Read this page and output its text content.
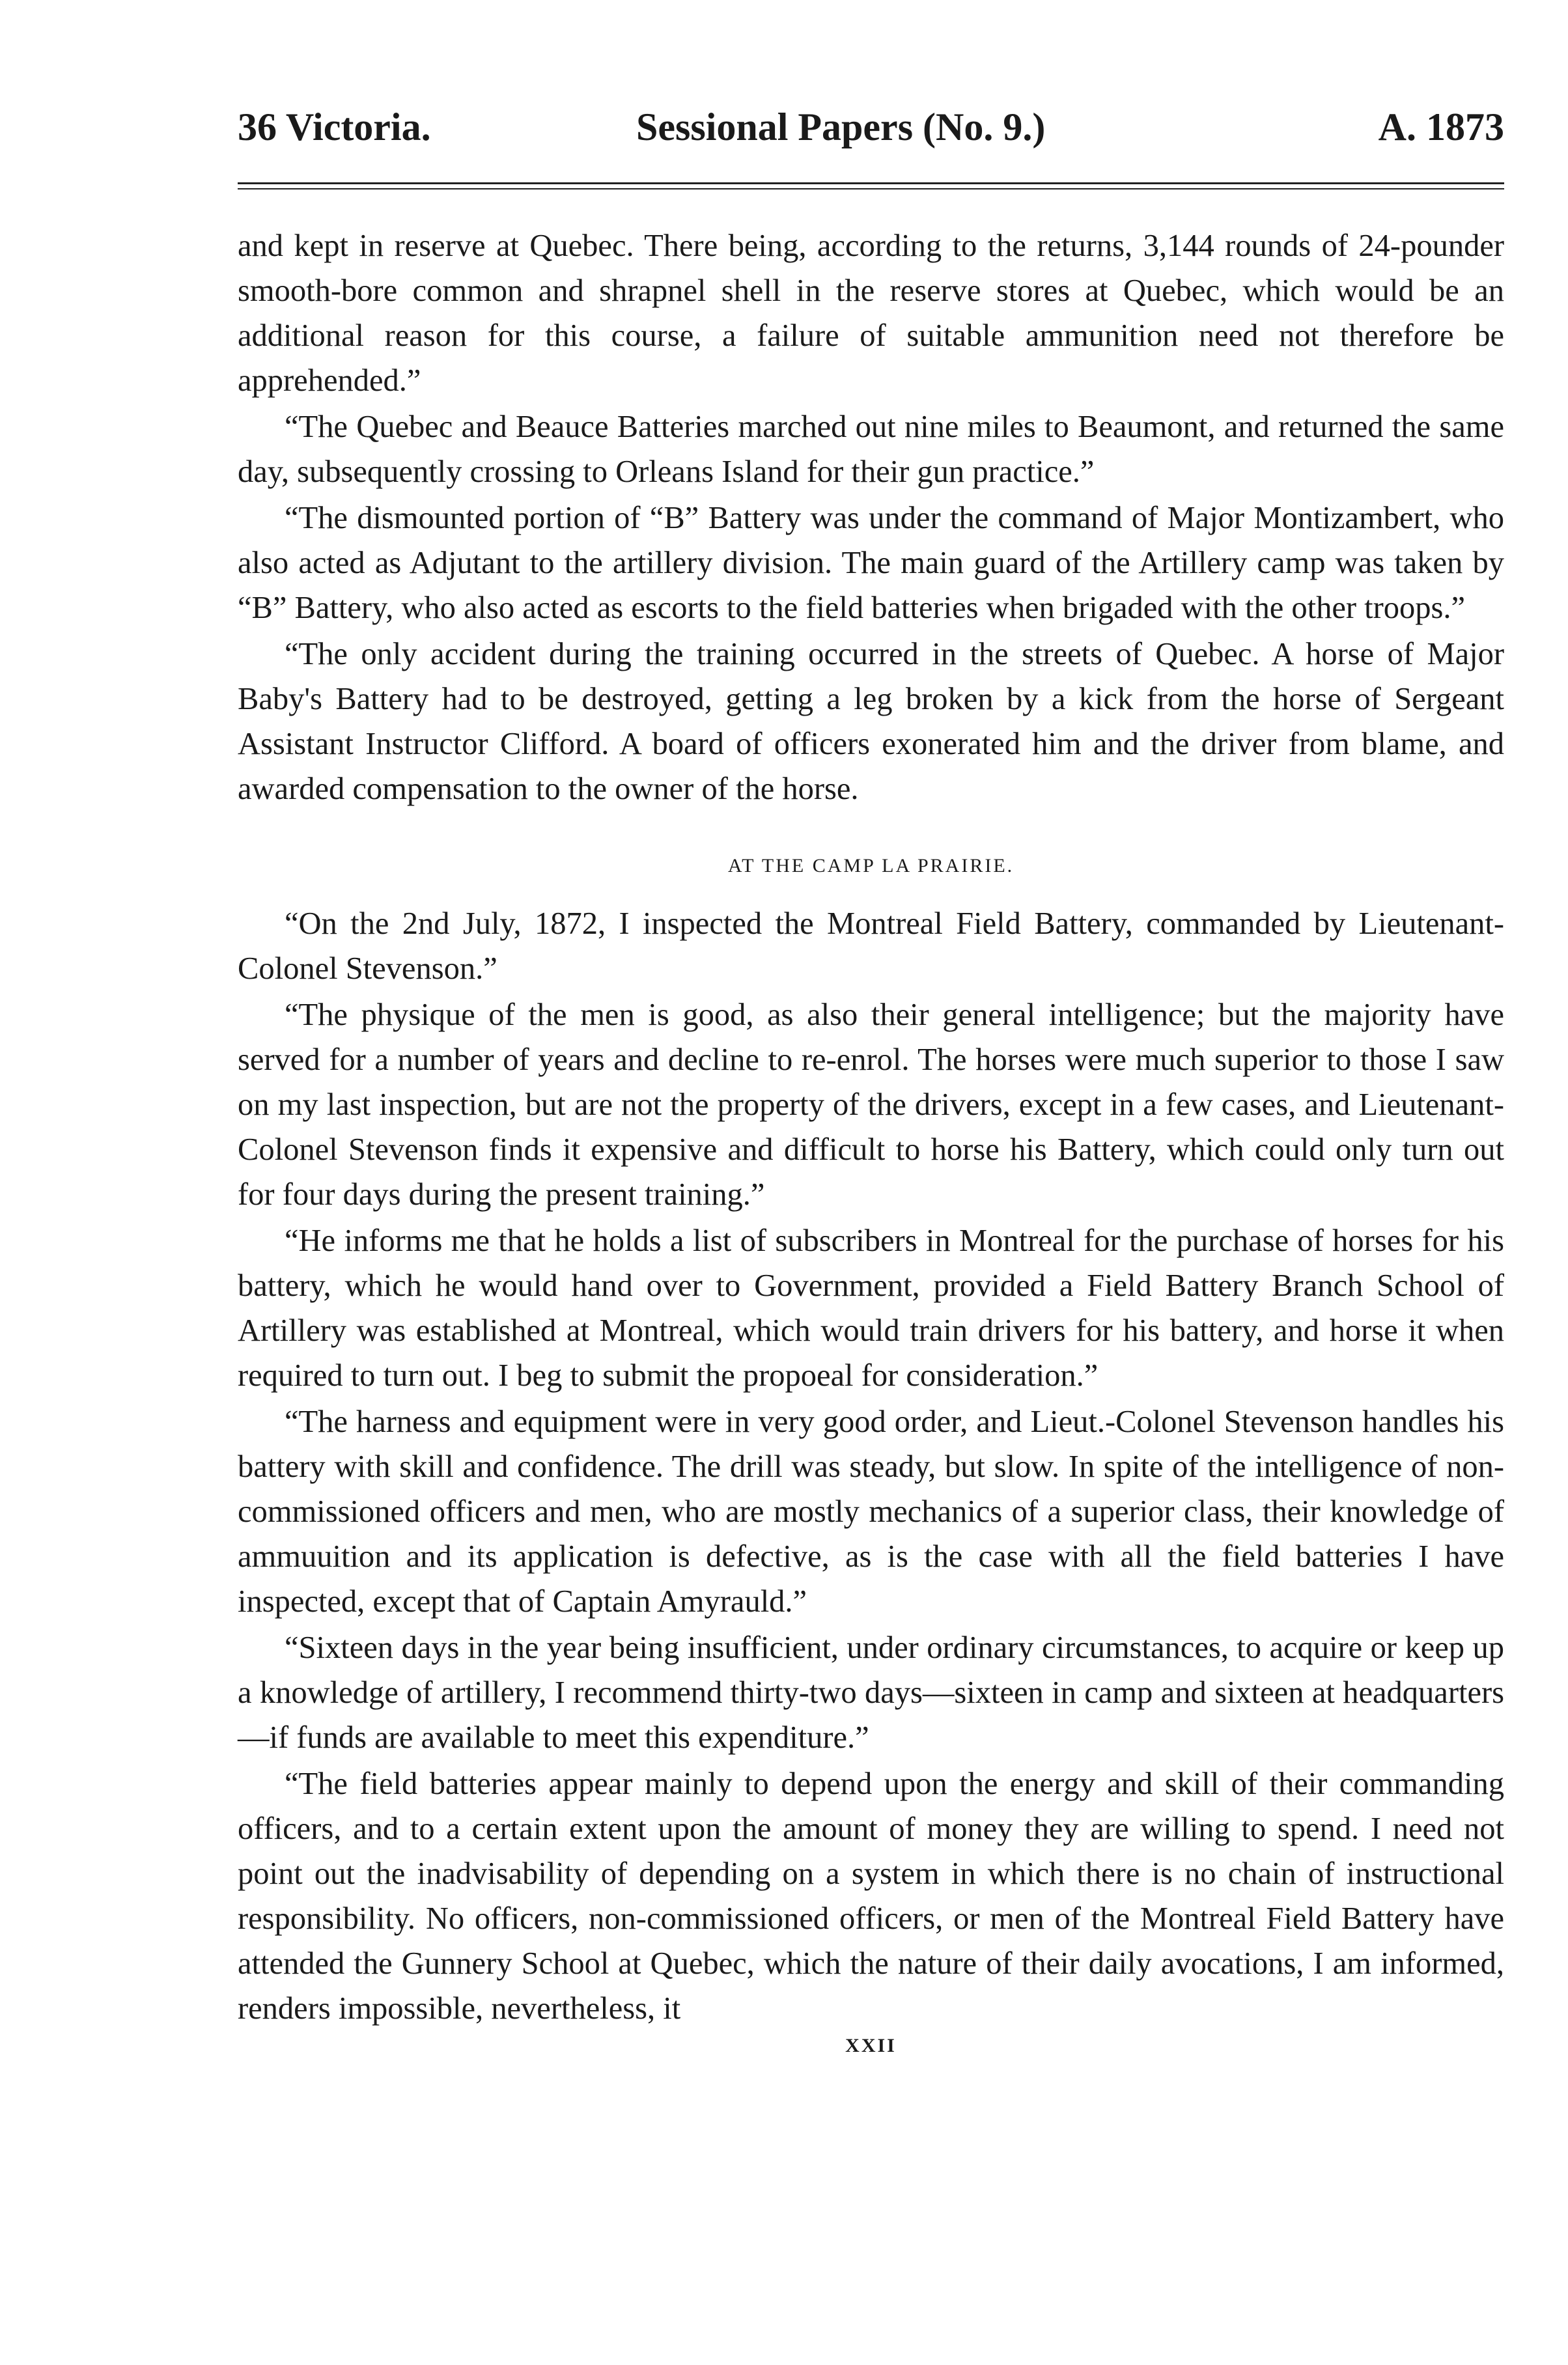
36 Victoria.	Sessional Papers (No. 9.)	A. 1873

and kept in reserve at Quebec. There being, according to the returns, 3,144 rounds of 24-pounder smooth-bore common and shrapnel shell in the reserve stores at Quebec, which would be an additional reason for this course, a failure of suitable ammunition need not therefore be apprehended.”

“The Quebec and Beauce Batteries marched out nine miles to Beaumont, and returned the same day, subsequently crossing to Orleans Island for their gun practice.”

“The dismounted portion of “B” Battery was under the command of Major Montizambert, who also acted as Adjutant to the artillery division. The main guard of the Artillery camp was taken by “B” Battery, who also acted as escorts to the field batteries when brigaded with the other troops.”

“The only accident during the training occurred in the streets of Quebec. A horse of Major Baby's Battery had to be destroyed, getting a leg broken by a kick from the horse of Sergeant Assistant Instructor Clifford. A board of officers exonerated him and the driver from blame, and awarded compensation to the owner of the horse.

AT THE CAMP LA PRAIRIE.

“On the 2nd July, 1872, I inspected the Montreal Field Battery, commanded by Lieutenant-Colonel Stevenson.”

“The physique of the men is good, as also their general intelligence; but the majority have served for a number of years and decline to re-enrol. The horses were much superior to those I saw on my last inspection, but are not the property of the drivers, except in a few cases, and Lieutenant-Colonel Stevenson finds it expensive and difficult to horse his Battery, which could only turn out for four days during the present training.”

“He informs me that he holds a list of subscribers in Montreal for the purchase of horses for his battery, which he would hand over to Government, provided a Field Battery Branch School of Artillery was established at Montreal, which would train drivers for his battery, and horse it when required to turn out. I beg to submit the propoeal for consideration.”

“The harness and equipment were in very good order, and Lieut.-Colonel Stevenson handles his battery with skill and confidence. The drill was steady, but slow. In spite of the intelligence of non-commissioned officers and men, who are mostly mechanics of a superior class, their knowledge of ammuuition and its application is defective, as is the case with all the field batteries I have inspected, except that of Captain Amyrauld.”

“Sixteen days in the year being insufficient, under ordinary circumstances, to acquire or keep up a knowledge of artillery, I recommend thirty-two days—sixteen in camp and sixteen at headquarters—if funds are available to meet this expenditure.”

“The field batteries appear mainly to depend upon the energy and skill of their commanding officers, and to a certain extent upon the amount of money they are willing to spend. I need not point out the inadvisability of depending on a system in which there is no chain of instructional responsibility. No officers, non-commissioned officers, or men of the Montreal Field Battery have attended the Gunnery School at Quebec, which the nature of their daily avocations, I am informed, renders impossible, nevertheless, it

XXII
